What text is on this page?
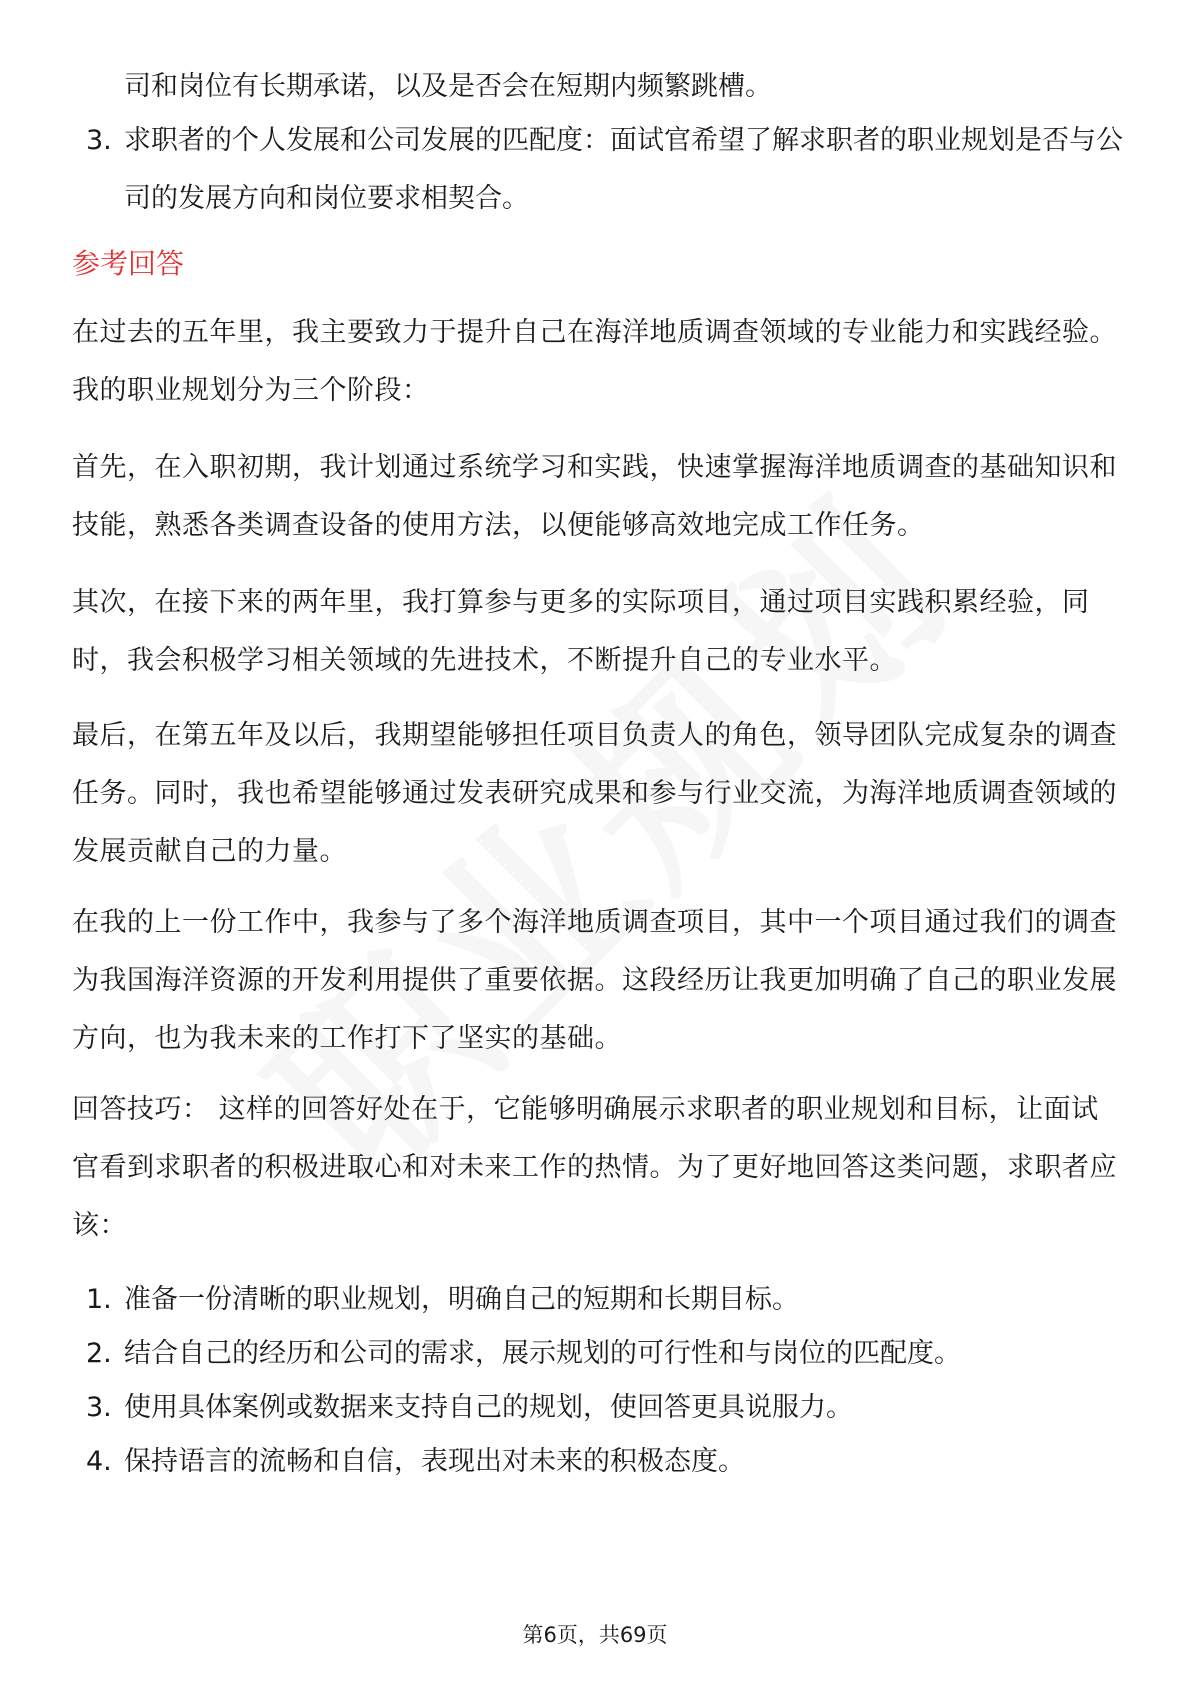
司和岗位有长期承诺，以及是否会在短期内频繁跳槽。
3. 求职者的个人发展和公司发展的匹配度：面试官希望了解求职者的职业规划是否与公司的发展方向和岗位要求相契合。
参考回答
在过去的五年里，我主要致力于提升自己在海洋地质调查领域的专业能力和实践经验。我的职业规划分为三个阶段：
首先，在入职初期，我计划通过系统学习和实践，快速掌握海洋地质调查的基础知识和技能，熟悉各类调查设备的使用方法，以便能够高效地完成工作任务。
其次，在接下来的两年里，我打算参与更多的实际项目，通过项目实践积累经验，同时，我会积极学习相关领域的先进技术，不断提升自己的专业水平。
最后，在第五年及以后，我期望能够担任项目负责人的角色，领导团队完成复杂的调查任务。同时，我也希望能够通过发表研究成果和参与行业交流，为海洋地质调查领域的发展贡献自己的力量。
在我的上一份工作中，我参与了多个海洋地质调查项目，其中一个项目通过我们的调查为我国海洋资源的开发利用提供了重要依据。这段经历让我更加明确了自己的职业发展方向，也为我未来的工作打下了坚实的基础。
回答技巧： 这样的回答好处在于，它能够明确展示求职者的职业规划和目标，让面试官看到求职者的积极进取心和对未来工作的热情。为了更好地回答这类问题，求职者应该：
1. 准备一份清晰的职业规划，明确自己的短期和长期目标。
2. 结合自己的经历和公司的需求，展示规划的可行性和与岗位的匹配度。
3. 使用具体案例或数据来支持自己的规划，使回答更具说服力。
4. 保持语言的流畅和自信，表现出对未来的积极态度。
第6页，共69页
